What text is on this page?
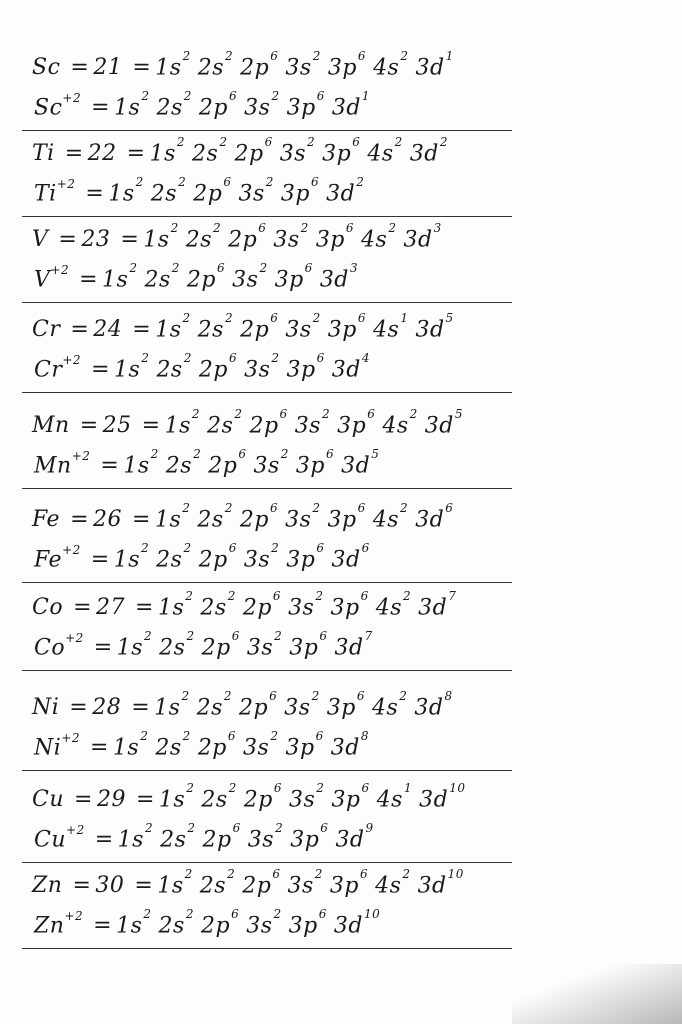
$Sc = 21 = 1s^2$ $2s^2$ $2p^6$ $3s^2$ $3p^6$ $4s^2$ $3d^1$
$Sc^{+2} = 1s^2$ $2s^2$ $2p^6$ $3s^2$ $3p^6$ $3d^1$
$Ti = 22 = 1s^2$ $2s^2$ $2p^6$ $3s^2$ $3p^6$ $4s^2$ $3d^2$
$Ti^{+2} = 1s^2$ $2s^2$ $2p^6$ $3s^2$ $3p^6$ $3d^2$
$V = 23 = 1s^2$ $2s^2$ $2p^6$ $3s^2$ $3p^6$ $4s^2$ $3d^3$
$V^{+2} = 1s^2$ $2s^2$ $2p^6$ $3s^2$ $3p^6$ $3d^3$
$Cr = 24 = 1s^2$ $2s^2$ $2p^6$ $3s^2$ $3p^6$ $4s^1$ $3d^5$
$Cr^{+2} = 1s^2$ $2s^2$ $2p^6$ $3s^2$ $3p^6$ $3d^4$
$Mn = 25 = 1s^2$ $2s^2$ $2p^6$ $3s^2$ $3p^6$ $4s^2$ $3d^5$
$Mn^{+2} = 1s^2$ $2s^2$ $2p^6$ $3s^2$ $3p^6$ $3d^5$
$Fe = 26 = 1s^2$ $2s^2$ $2p^6$ $3s^2$ $3p^6$ $4s^2$ $3d^6$
$Fe^{+2} = 1s^2$ $2s^2$ $2p^6$ $3s^2$ $3p^6$ $3d^6$
$Co = 27 = 1s^2$ $2s^2$ $2p^6$ $3s^2$ $3p^6$ $4s^2$ $3d^7$
$Co^{+2} = 1s^2$ $2s^2$ $2p^6$ $3s^2$ $3p^6$ $3d^7$
$Ni = 28 = 1s^2$ $2s^2$ $2p^6$ $3s^2$ $3p^6$ $4s^2$ $3d^8$
$Ni^{+2} = 1s^2$ $2s^2$ $2p^6$ $3s^2$ $3p^6$ $3d^8$
$Cu = 29 = 1s^2$ $2s^2$ $2p^6$ $3s^2$ $3p^6$ $4s^1$ $3d^{10}$
$Cu^{+2} = 1s^2$ $2s^2$ $2p^6$ $3s^2$ $3p^6$ $3d^9$
$Zn = 30 = 1s^2$ $2s^2$ $2p^6$ $3s^2$ $3p^6$ $4s^2$ $3d^{10}$
$Zn^{+2} = 1s^2$ $2s^2$ $2p^6$ $3s^2$ $3p^6$ $3d^{10}$
